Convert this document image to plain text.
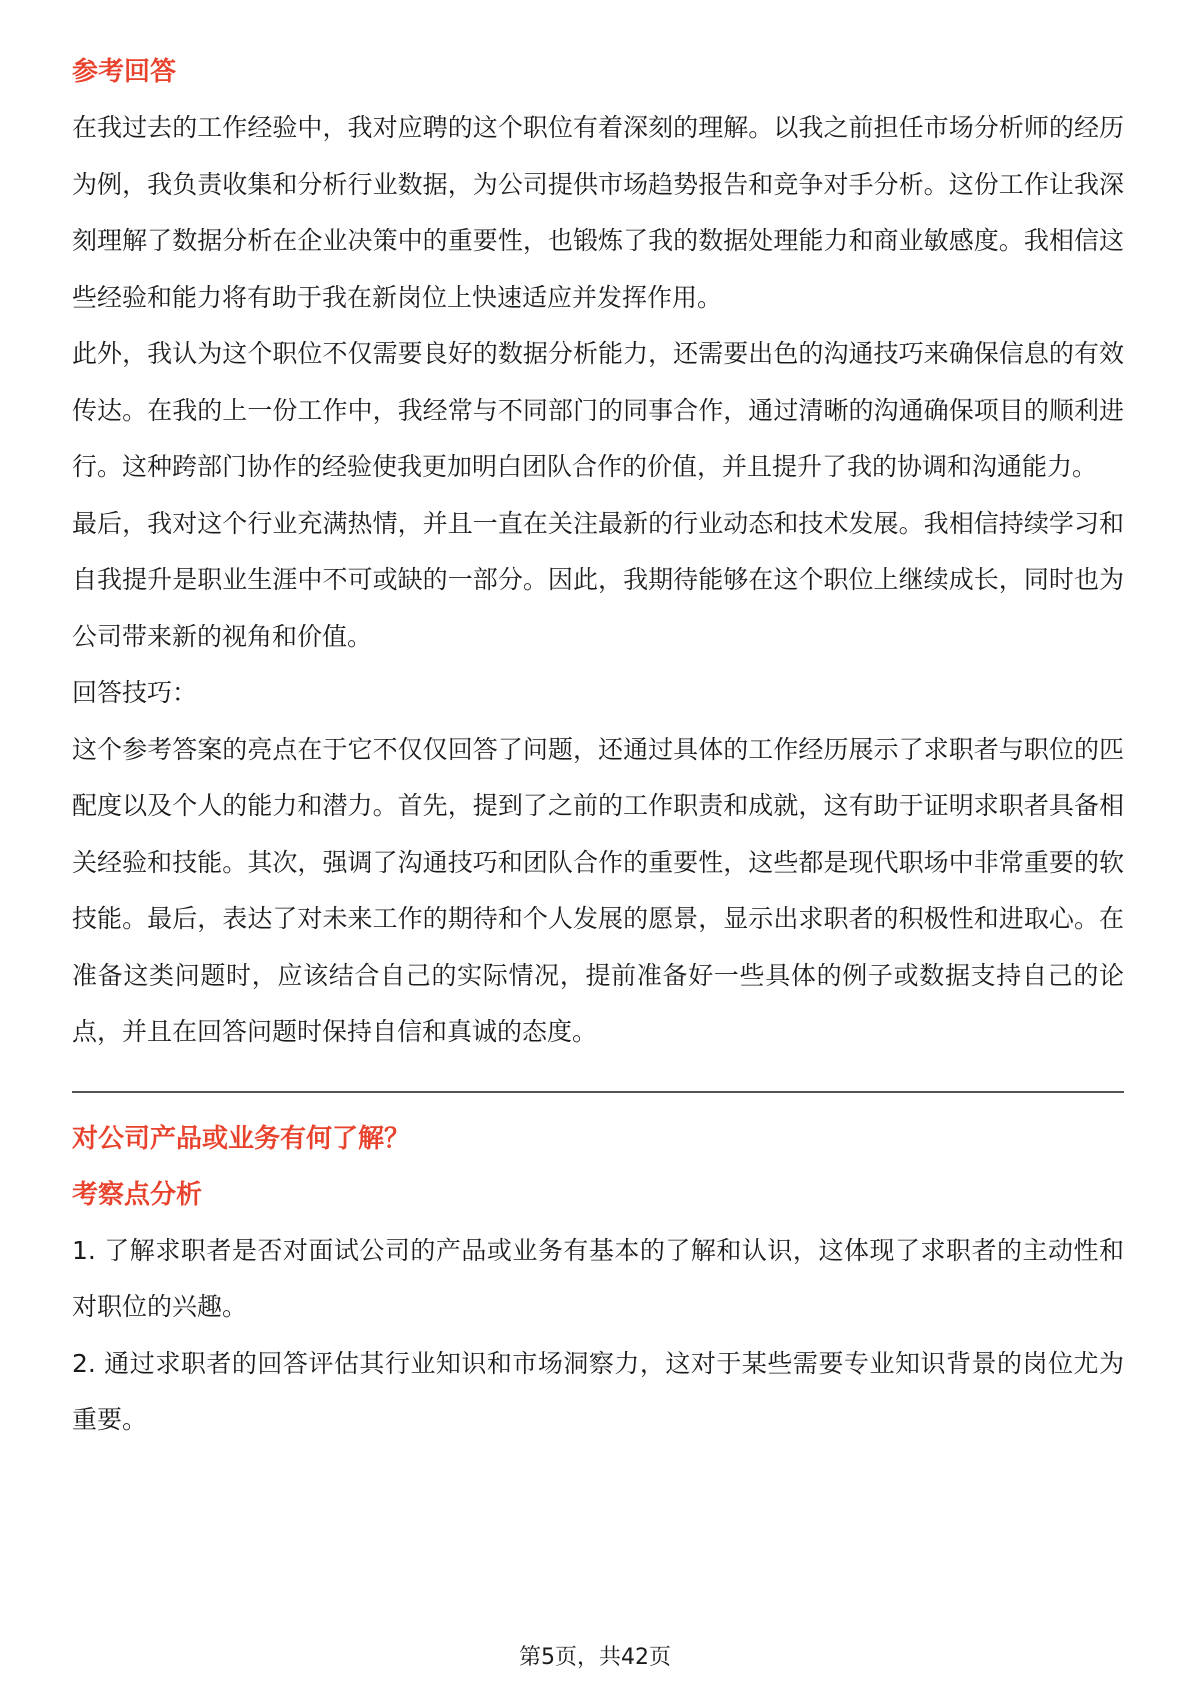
参考回答

在我过去的工作经验中，我对应聘的这个职位有着深刻的理解。以我之前担任市场分析师的经历为例，我负责收集和分析行业数据，为公司提供市场趋势报告和竞争对手分析。这份工作让我深刻理解了数据分析在企业决策中的重要性，也锻炼了我的数据处理能力和商业敏感度。我相信这些经验和能力将有助于我在新岗位上快速适应并发挥作用。

此外，我认为这个职位不仅需要良好的数据分析能力，还需要出色的沟通技巧来确保信息的有效传达。在我的上一份工作中，我经常与不同部门的同事合作，通过清晰的沟通确保项目的顺利进行。这种跨部门协作的经验使我更加明白团队合作的价值，并且提升了我的协调和沟通能力。

最后，我对这个行业充满热情，并且一直在关注最新的行业动态和技术发展。我相信持续学习和自我提升是职业生涯中不可或缺的一部分。因此，我期待能够在这个职位上继续成长，同时也为公司带来新的视角和价值。

回答技巧：

这个参考答案的亮点在于它不仅仅回答了问题，还通过具体的工作经历展示了求职者与职位的匹配度以及个人的能力和潜力。首先，提到了之前的工作职责和成就，这有助于证明求职者具备相关经验和技能。其次，强调了沟通技巧和团队合作的重要性，这些都是现代职场中非常重要的软技能。最后，表达了对未来工作的期待和个人发展的愿景，显示出求职者的积极性和进取心。在准备这类问题时，应该结合自己的实际情况，提前准备好一些具体的例子或数据支持自己的论点，并且在回答问题时保持自信和真诚的态度。

对公司产品或业务有何了解？
考察点分析

1. 了解求职者是否对面试公司的产品或业务有基本的了解和认识，这体现了求职者的主动性和对职位的兴趣。

2. 通过求职者的回答评估其行业知识和市场洞察力，这对于某些需要专业知识背景的岗位尤为重要。

第5页，共42页
